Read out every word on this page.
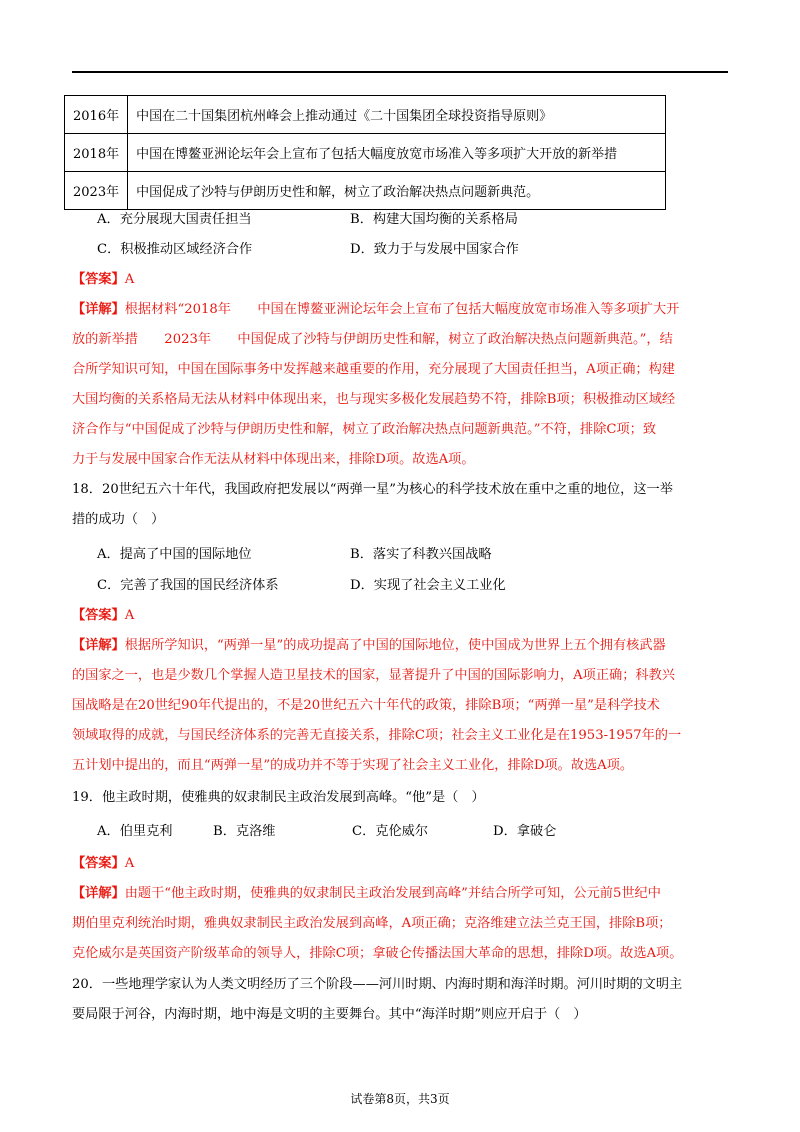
2016年	中国在二十国集团杭州峰会上推动通过《二十国集团全球投资指导原则》
2018年	中国在博鳌亚洲论坛年会上宣布了包括大幅度放宽市场准入等多项扩大开放的新举措
2023年	中国促成了沙特与伊朗历史性和解，树立了政治解决热点问题新典范。
A．充分展现大国责任担当	B．构建大国均衡的关系格局
C．积极推动区域经济合作	D．致力于与发展中国家合作
【答案】A
【详解】根据材料“2018年　　中国在博鳌亚洲论坛年会上宣布了包括大幅度放宽市场准入等多项扩大开
放的新举措　　2023年　　中国促成了沙特与伊朗历史性和解，树立了政治解决热点问题新典范。”，结
合所学知识可知，中国在国际事务中发挥越来越重要的作用，充分展现了大国责任担当，A项正确；构建
大国均衡的关系格局无法从材料中体现出来，也与现实多极化发展趋势不符，排除B项；积极推动区域经
济合作与“中国促成了沙特与伊朗历史性和解，树立了政治解决热点问题新典范。”不符，排除C项；致
力于与发展中国家合作无法从材料中体现出来，排除D项。故选A项。
18．20世纪五六十年代，我国政府把发展以“两弹一星”为核心的科学技术放在重中之重的地位，这一举
措的成功（　）
A．提高了中国的国际地位	B．落实了科教兴国战略
C．完善了我国的国民经济体系	D．实现了社会主义工业化
【答案】A
【详解】根据所学知识，“两弹一星”的成功提高了中国的国际地位，使中国成为世界上五个拥有核武器
的国家之一，也是少数几个掌握人造卫星技术的国家，显著提升了中国的国际影响力，A项正确；科教兴
国战略是在20世纪90年代提出的，不是20世纪五六十年代的政策，排除B项；“两弹一星”是科学技术
领域取得的成就，与国民经济体系的完善无直接关系，排除C项；社会主义工业化是在1953-1957年的一
五计划中提出的，而且“两弹一星”的成功并不等于实现了社会主义工业化，排除D项。故选A项。
19．他主政时期，使雅典的奴隶制民主政治发展到高峰。“他”是（　）
A．伯里克利	B．克洛维	C．克伦威尔	D．拿破仑
【答案】A
【详解】由题干“他主政时期，使雅典的奴隶制民主政治发展到高峰”并结合所学可知，公元前5世纪中
期伯里克利统治时期，雅典奴隶制民主政治发展到高峰，A项正确；克洛维建立法兰克王国，排除B项；
克伦威尔是英国资产阶级革命的领导人，排除C项；拿破仑传播法国大革命的思想，排除D项。故选A项。
20．一些地理学家认为人类文明经历了三个阶段——河川时期、内海时期和海洋时期。河川时期的文明主
要局限于河谷，内海时期，地中海是文明的主要舞台。其中“海洋时期”则应开启于（　）
试卷第8页，共3页
